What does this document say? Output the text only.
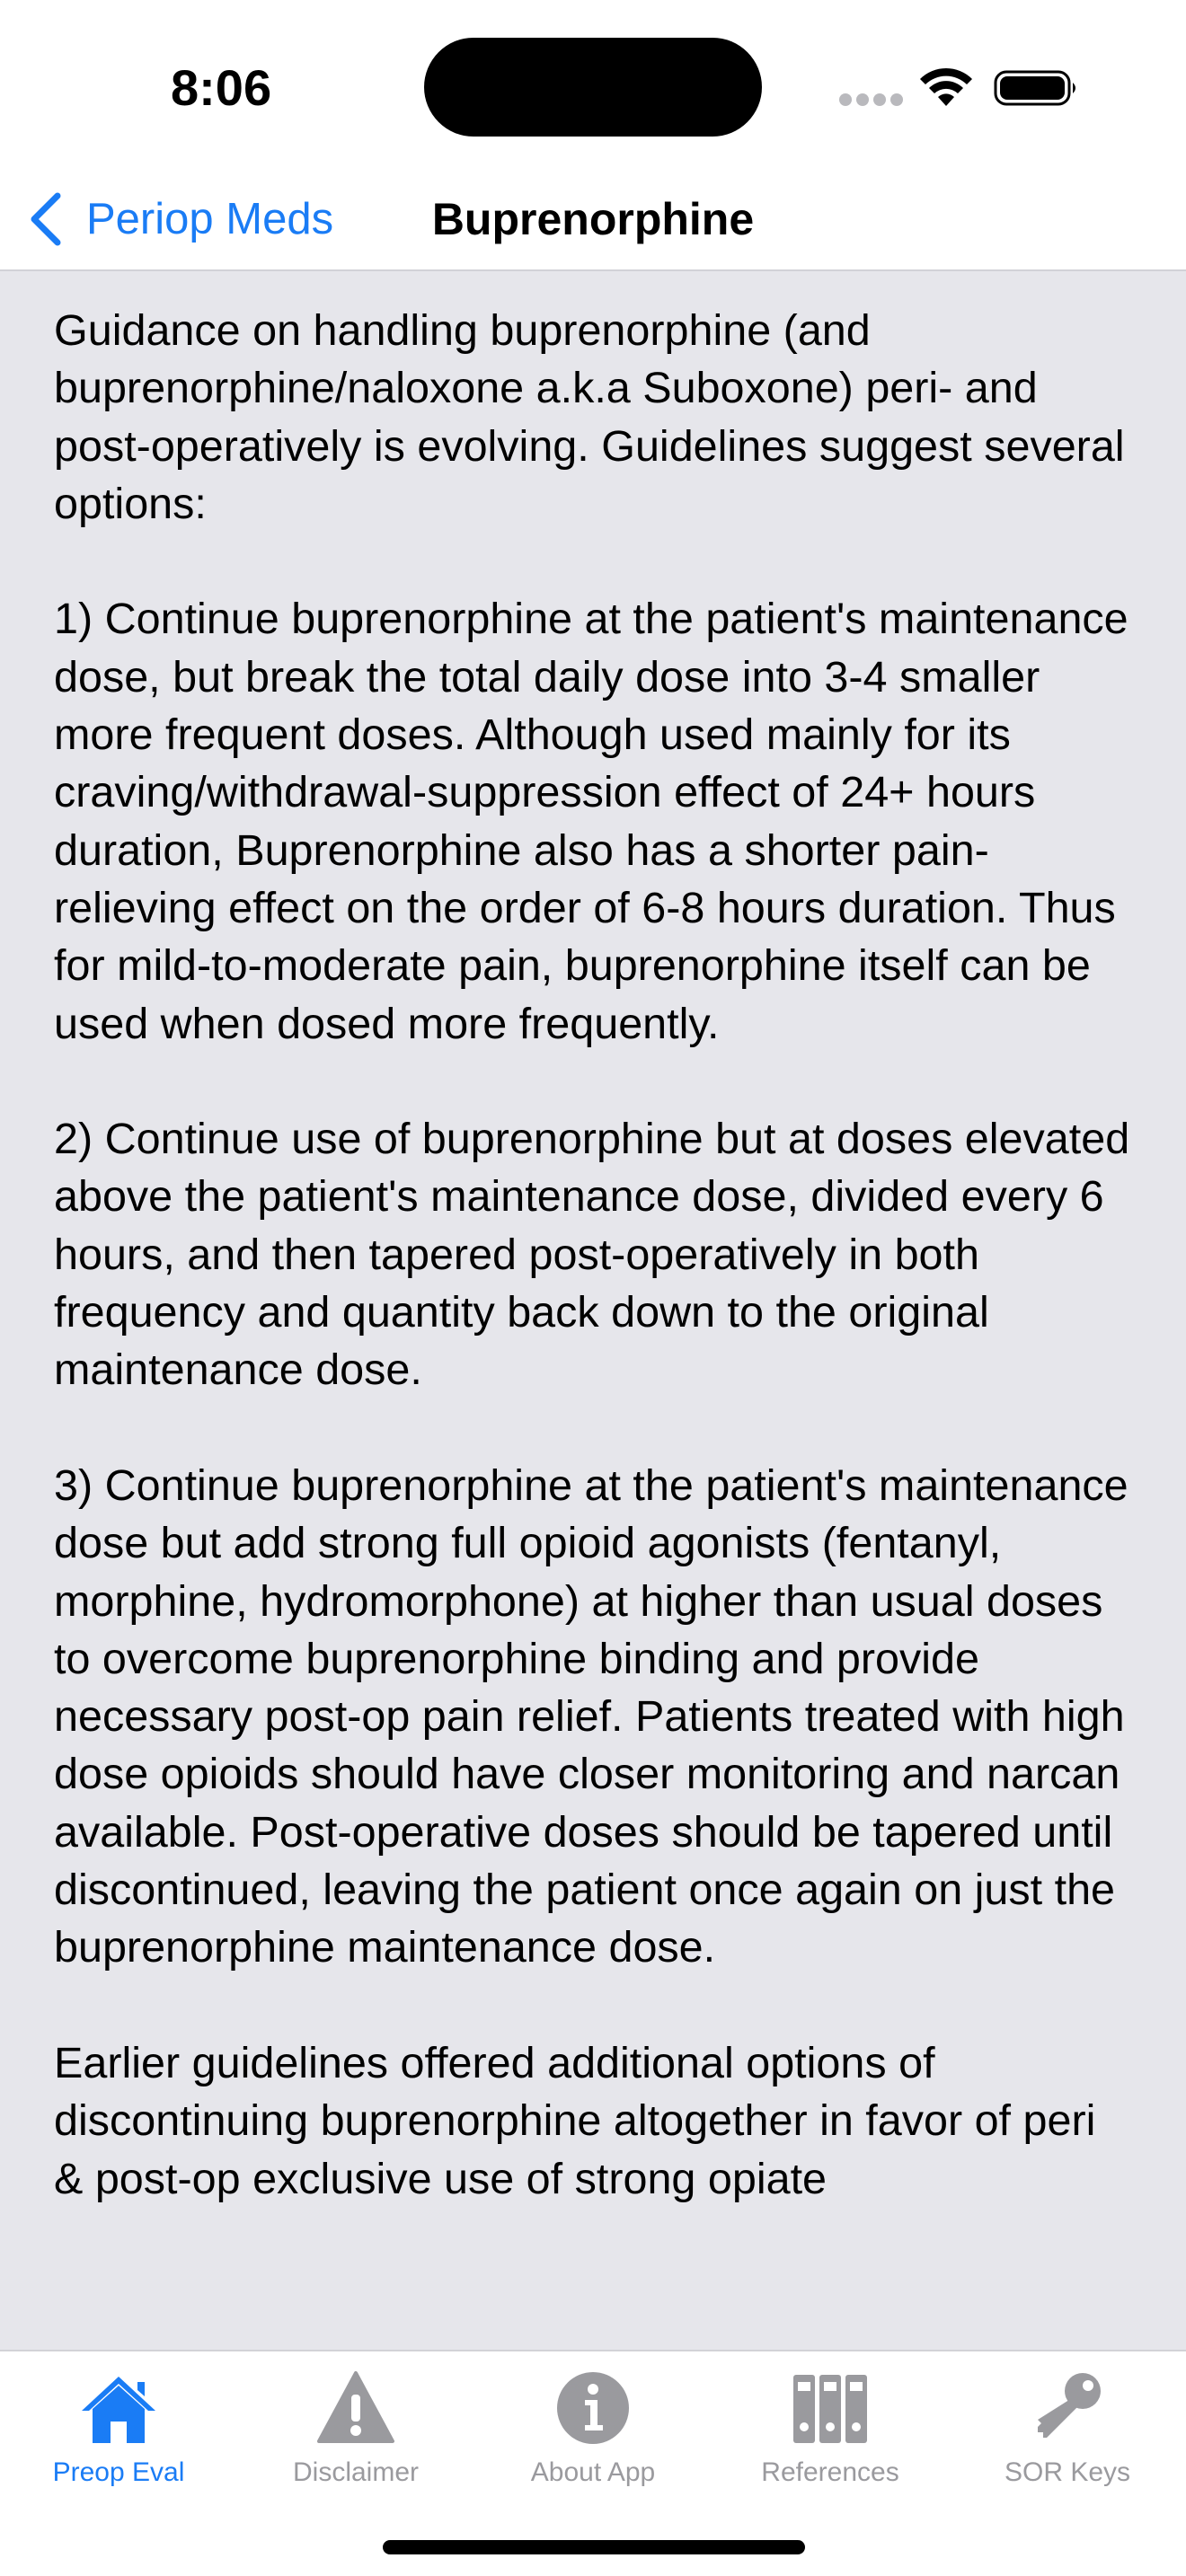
8:06
Periop Meds	Buprenorphine

Guidance on handling buprenorphine (and buprenorphine/naloxone a.k.a Suboxone) peri- and post-operatively is evolving. Guidelines suggest several options:

1) Continue buprenorphine at the patient's maintenance dose, but break the total daily dose into 3-4 smaller more frequent doses. Although used mainly for its craving/withdrawal-suppression effect of 24+ hours duration, Buprenorphine also has a shorter pain-relieving effect on the order of 6-8 hours duration. Thus for mild-to-moderate pain, buprenorphine itself can be used when dosed more frequently.

2) Continue use of buprenorphine but at doses elevated above the patient's maintenance dose, divided every 6 hours, and then tapered post-operatively in both frequency and quantity back down to the original maintenance dose.

3) Continue buprenorphine at the patient's maintenance dose but add strong full opioid agonists (fentanyl, morphine, hydromorphone) at higher than usual doses to overcome buprenorphine binding and provide necessary post-op pain relief. Patients treated with high dose opioids should have closer monitoring and narcan available. Post-operative doses should be tapered until discontinued, leaving the patient once again on just the buprenorphine maintenance dose.

Earlier guidelines offered additional options of discontinuing buprenorphine altogether in favor of peri & post-op exclusive use of strong opiate

Preop Eval	Disclaimer	About App	References	SOR Keys
